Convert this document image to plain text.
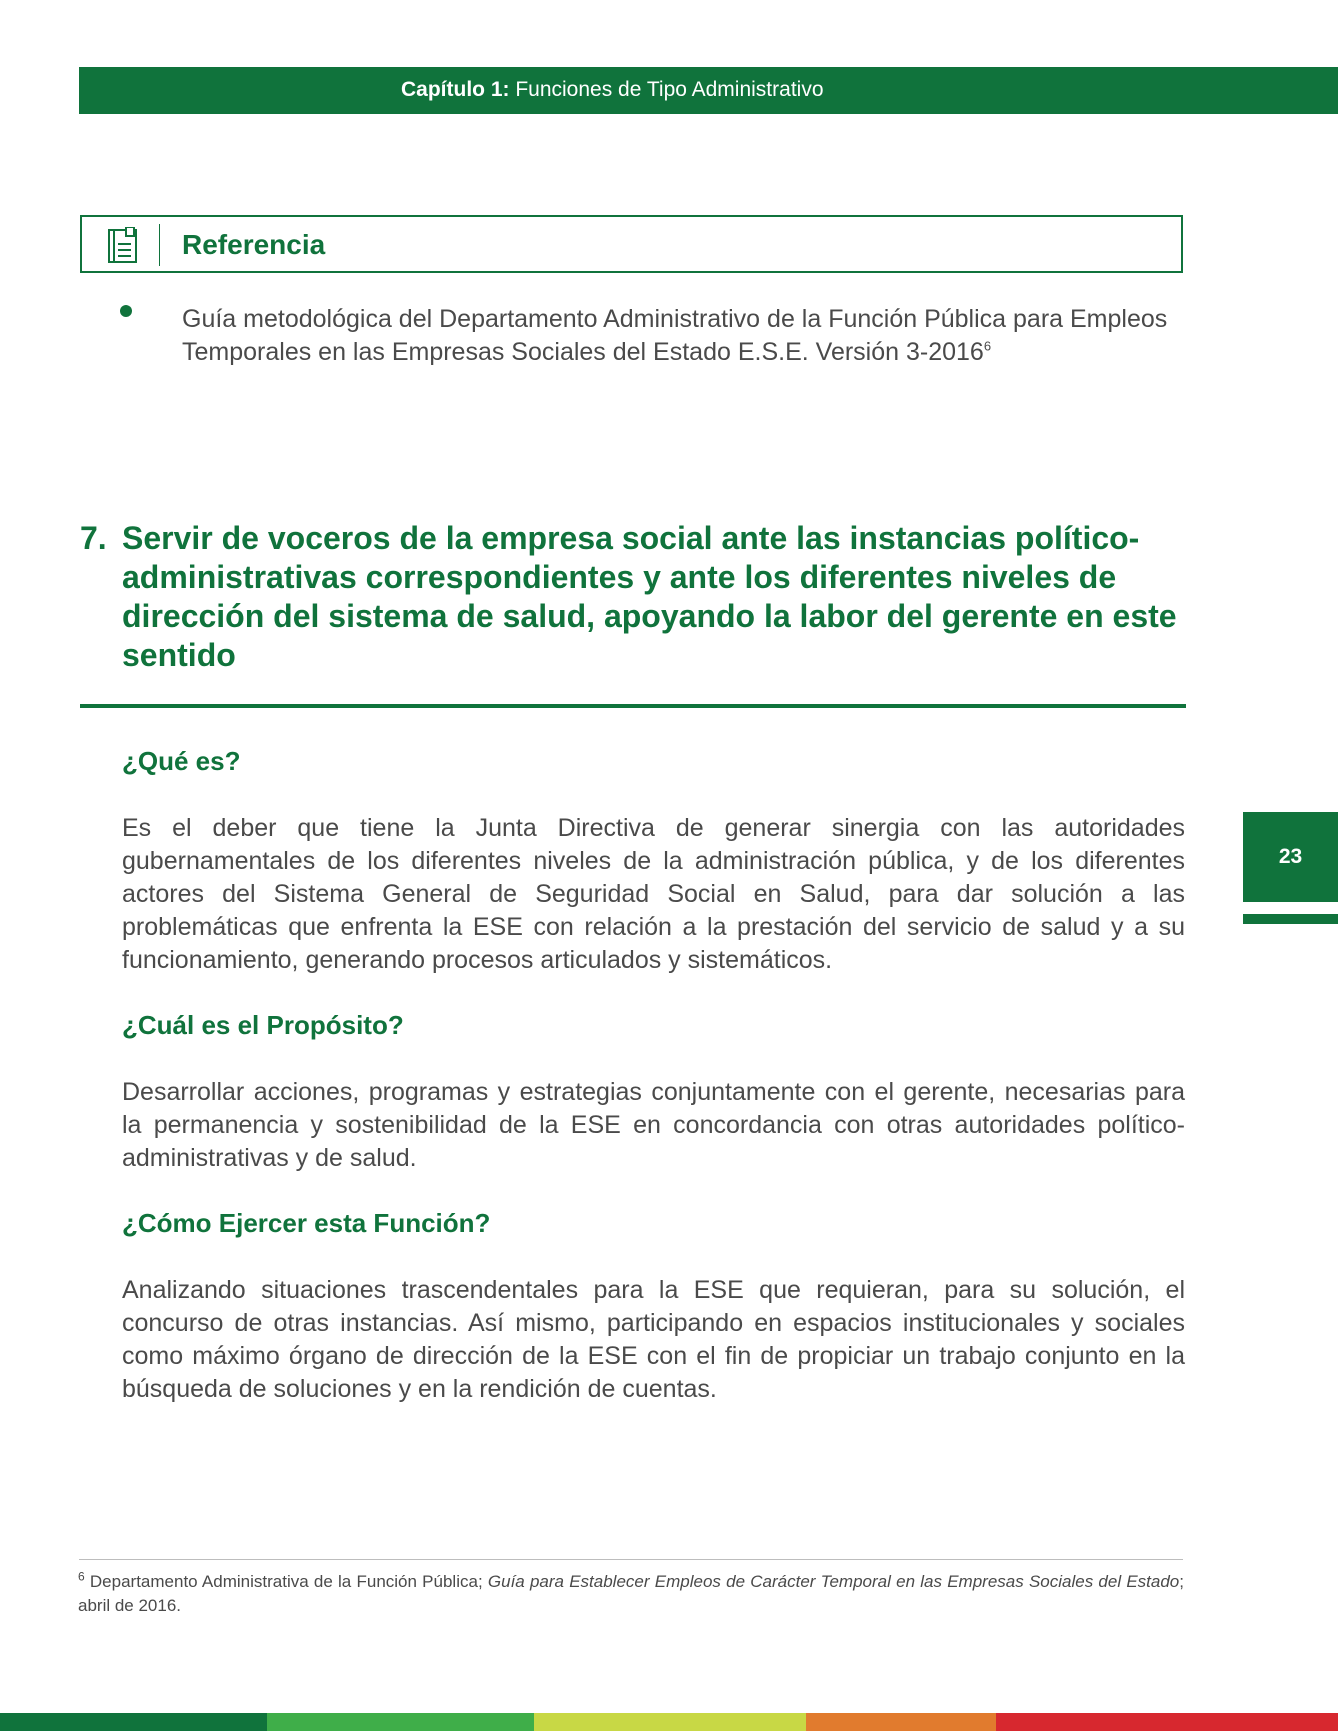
Capítulo 1: Funciones de Tipo Administrativo
Referencia
Guía metodológica del Departamento Administrativo de la Función Pública para Empleos Temporales en las Empresas Sociales del Estado E.S.E. Versión 3-2016$^6$
7. Servir de voceros de la empresa social ante las instancias político-administrativas correspondientes y ante los diferentes niveles de dirección del sistema de salud, apoyando la labor del gerente en este sentido
¿Qué es?
Es el deber que tiene la Junta Directiva de generar sinergia con las autoridades gubernamentales de los diferentes niveles de la administración pública, y de los diferentes actores del Sistema General de Seguridad Social en Salud, para dar solución a las problemáticas que enfrenta la ESE con relación a la prestación del servicio de salud y a su funcionamiento, generando procesos articulados y sistemáticos.
¿Cuál es el Propósito?
Desarrollar acciones, programas y estrategias conjuntamente con el gerente, necesarias para la permanencia y sostenibilidad de la ESE en concordancia con otras autoridades político-administrativas y de salud.
¿Cómo Ejercer esta Función?
Analizando situaciones trascendentales para la ESE que requieran, para su solución, el concurso de otras instancias. Así mismo, participando en espacios institucionales y sociales como máximo órgano de dirección de la ESE con el fin de propiciar un trabajo conjunto en la búsqueda de soluciones y en la rendición de cuentas.
23
$^6$ Departamento Administrativa de la Función Pública; Guía para Establecer Empleos de Carácter Temporal en las Empresas Sociales del Estado; abril de 2016.
